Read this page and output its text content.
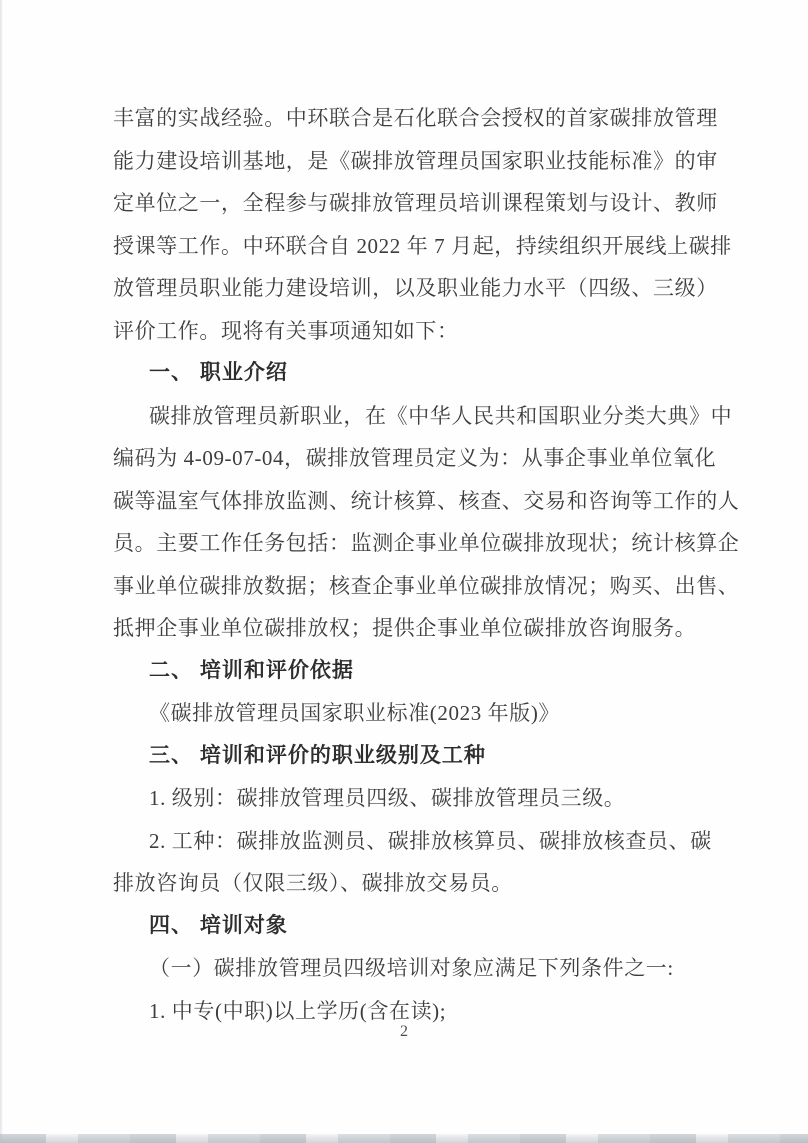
丰富的实战经验。中环联合是石化联合会授权的首家碳排放管理
能力建设培训基地，是《碳排放管理员国家职业技能标准》的审
定单位之一，全程参与碳排放管理员培训课程策划与设计、教师
授课等工作。中环联合自 2022 年 7 月起，持续组织开展线上碳排
放管理员职业能力建设培训，以及职业能力水平（四级、三级）
评价工作。现将有关事项通知如下：
一、 职业介绍
碳排放管理员新职业，在《中华人民共和国职业分类大典》中
编码为 4-09-07-04，碳排放管理员定义为：从事企事业单位氧化
碳等温室气体排放监测、统计核算、核查、交易和咨询等工作的人
员。主要工作任务包括：监测企事业单位碳排放现状；统计核算企
事业单位碳排放数据；核查企事业单位碳排放情况；购买、出售、
抵押企事业单位碳排放权；提供企事业单位碳排放咨询服务。
二、 培训和评价依据
《碳排放管理员国家职业标准(2023 年版)》
三、 培训和评价的职业级别及工种
1. 级别：碳排放管理员四级、碳排放管理员三级。
2. 工种：碳排放监测员、碳排放核算员、碳排放核查员、碳
排放咨询员（仅限三级）、碳排放交易员。
四、 培训对象
（一）碳排放管理员四级培训对象应满足下列条件之一:
1. 中专(中职)以上学历(含在读);
2
